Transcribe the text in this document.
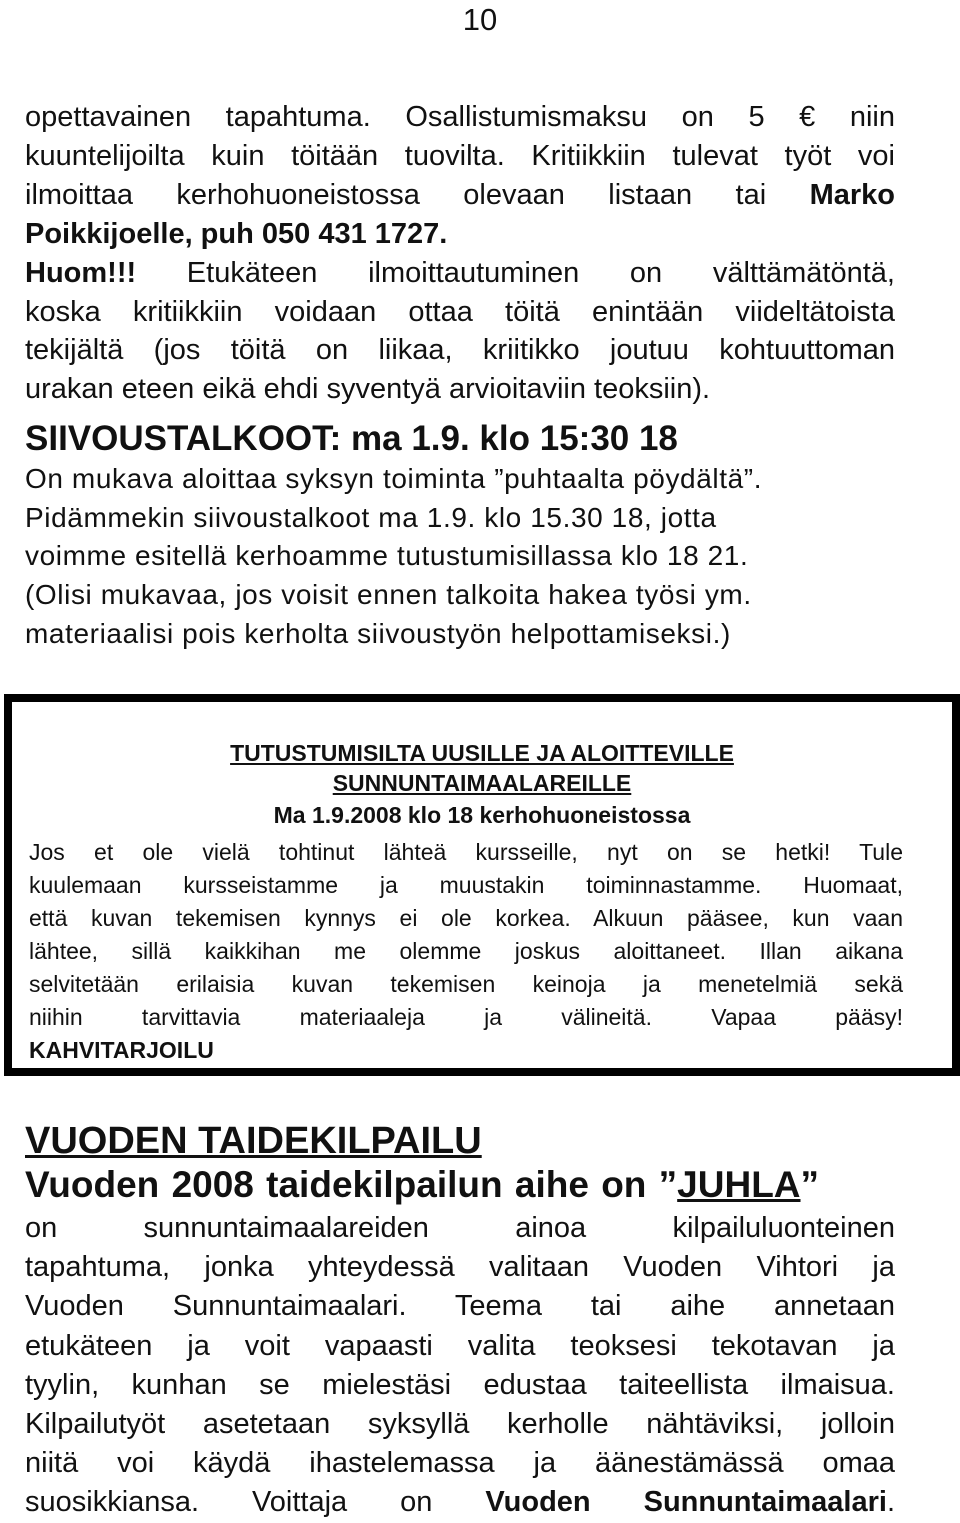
10

opettavainen tapahtuma. Osallistumismaksu on 5 € niin

kuuntelijoilta kuin töitään tuovilta. Kritiikkiin tulevat työt voi

ilmoittaa kerhohuoneistossa olevaan listaan tai Marko

Poikkijoelle, puh 050 431 1727.

Huom!!! Etukäteen ilmoittautuminen on välttämätöntä,

koska kritiikkiin voidaan ottaa töitä enintään viideltätoista

tekijältä (jos töitä on liikaa, kriitikko joutuu kohtuuttoman

urakan eteen eikä ehdi syventyä arvioitaviin teoksiin).

SIIVOUSTALKOOT: ma 1.9. klo 15:30 18

On mukava aloittaa syksyn toiminta ”puhtaalta pöydältä”.

Pidämmekin siivoustalkoot ma 1.9. klo 15.30 18, jotta

voimme esitellä kerhoamme tutustumisillassa klo 18 21.

(Olisi mukavaa, jos voisit ennen talkoita hakea työsi ym.

materiaalisi pois kerholta siivoustyön helpottamiseksi.)

TUTUSTUMISILTA UUSILLE JA ALOITTEVILLE
SUNNUNTAIMAALAREILLE
Ma 1.9.2008 klo 18 kerhohuoneistossa

Jos et ole vielä tohtinut lähteä kursseille, nyt on se hetki! Tule

kuulemaan kursseistamme ja muustakin toiminnastamme. Huomaat,

että kuvan tekemisen kynnys ei ole korkea. Alkuun pääsee, kun vaan

lähtee, sillä kaikkihan me olemme joskus aloittaneet. Illan aikana

selvitetään erilaisia kuvan tekemisen keinoja ja menetelmiä sekä

niihin tarvittavia materiaaleja ja välineitä. Vapaa pääsy!

KAHVITARJOILU

VUODEN TAIDEKILPAILU
Vuoden 2008 taidekilpailun aihe on ”JUHLA”

on sunnuntaimaalareiden ainoa kilpailuluonteinen

tapahtuma, jonka yhteydessä valitaan Vuoden Vihtori ja

Vuoden Sunnuntaimaalari. Teema tai aihe annetaan

etukäteen ja voit vapaasti valita teoksesi tekotavan ja

tyylin, kunhan se mielestäsi edustaa taiteellista ilmaisua.

Kilpailutyöt asetetaan syksyllä kerholle nähtäviksi, jolloin

niitä voi käydä ihastelemassa ja äänestämässä omaa

suosikkiansa. Voittaja on Vuoden Sunnuntaimaalari.
